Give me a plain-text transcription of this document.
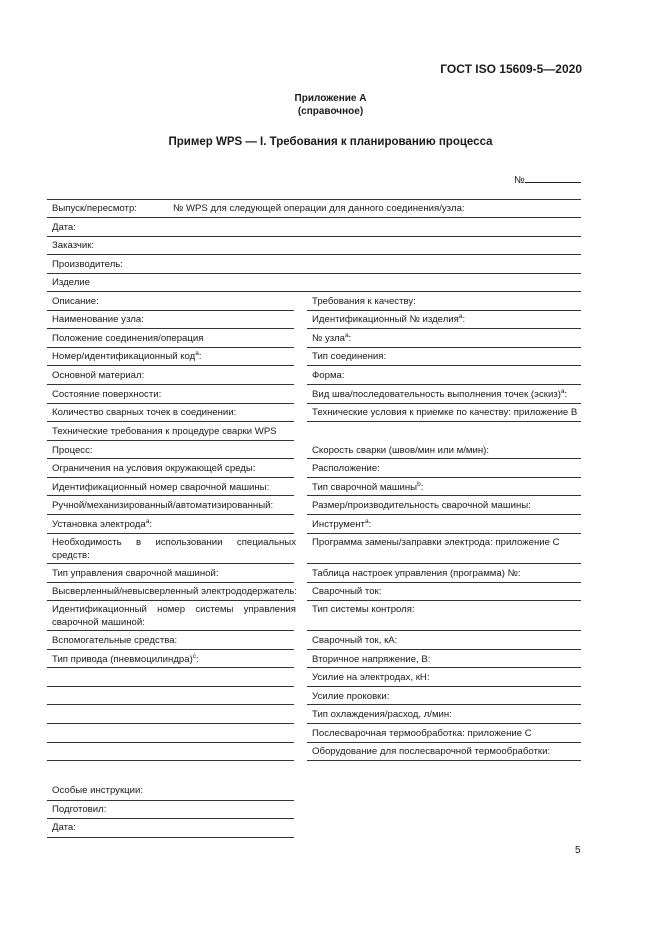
ГОСТ ISO 15609-5—2020
Приложение А
(справочное)
Пример WPS — I. Требования к планированию процесса
№
Выпуск/пересмотр:	№ WPS для следующей операции для данного соединения/узла:
Дата:
Заказчик:
Производитель:
Изделие
Описание:
Наименование узла:
Положение соединения/операция
Номер/идентификационный код$^a$:
Основной материал:
Состояние поверхности:
Количество сварных точек в соединении:
Технические требования к процедуре сварки WPS
Процесс:
Ограничения на условия окружающей среды:
Идентификационный номер сварочной машины:
Ручной/механизированный/автоматизированный:
Установка электрода$^a$:
Необходимость в использовании специальных средств:
Тип управления сварочной машиной:
Высверленный/невысверленный электрододержатель:
Идентификационный номер системы управления сварочной машиной:
Вспомогательные средства:
Тип привода (пневмоцилиндра)$^c$:
Требования к качеству:
Идентификационный № изделия$^a$:
№ узла$^a$:
Тип соединения:
Форма:
Вид шва/последовательность выполнения точек (эскиз)$^a$:
Технические условия к приемке по качеству: приложение В
Скорость сварки (швов/мин или м/мин):
Расположение:
Тип сварочной машины$^b$:
Размер/производительность сварочной машины:
Инструмент$^a$:
Программа замены/заправки электрода: приложение С
Таблица настроек управления (программа) №:
Сварочный ток:
Тип системы контроля:
Сварочный ток, кА:
Вторичное напряжение, В:
Усилие на электродах, кН:
Усилие проковки:
Тип охлаждения/расход, л/мин:
Послесварочная термообработка: приложение С
Оборудование для послесварочной термообработки:
Особые инструкции:
Подготовил:
Дата:
5
